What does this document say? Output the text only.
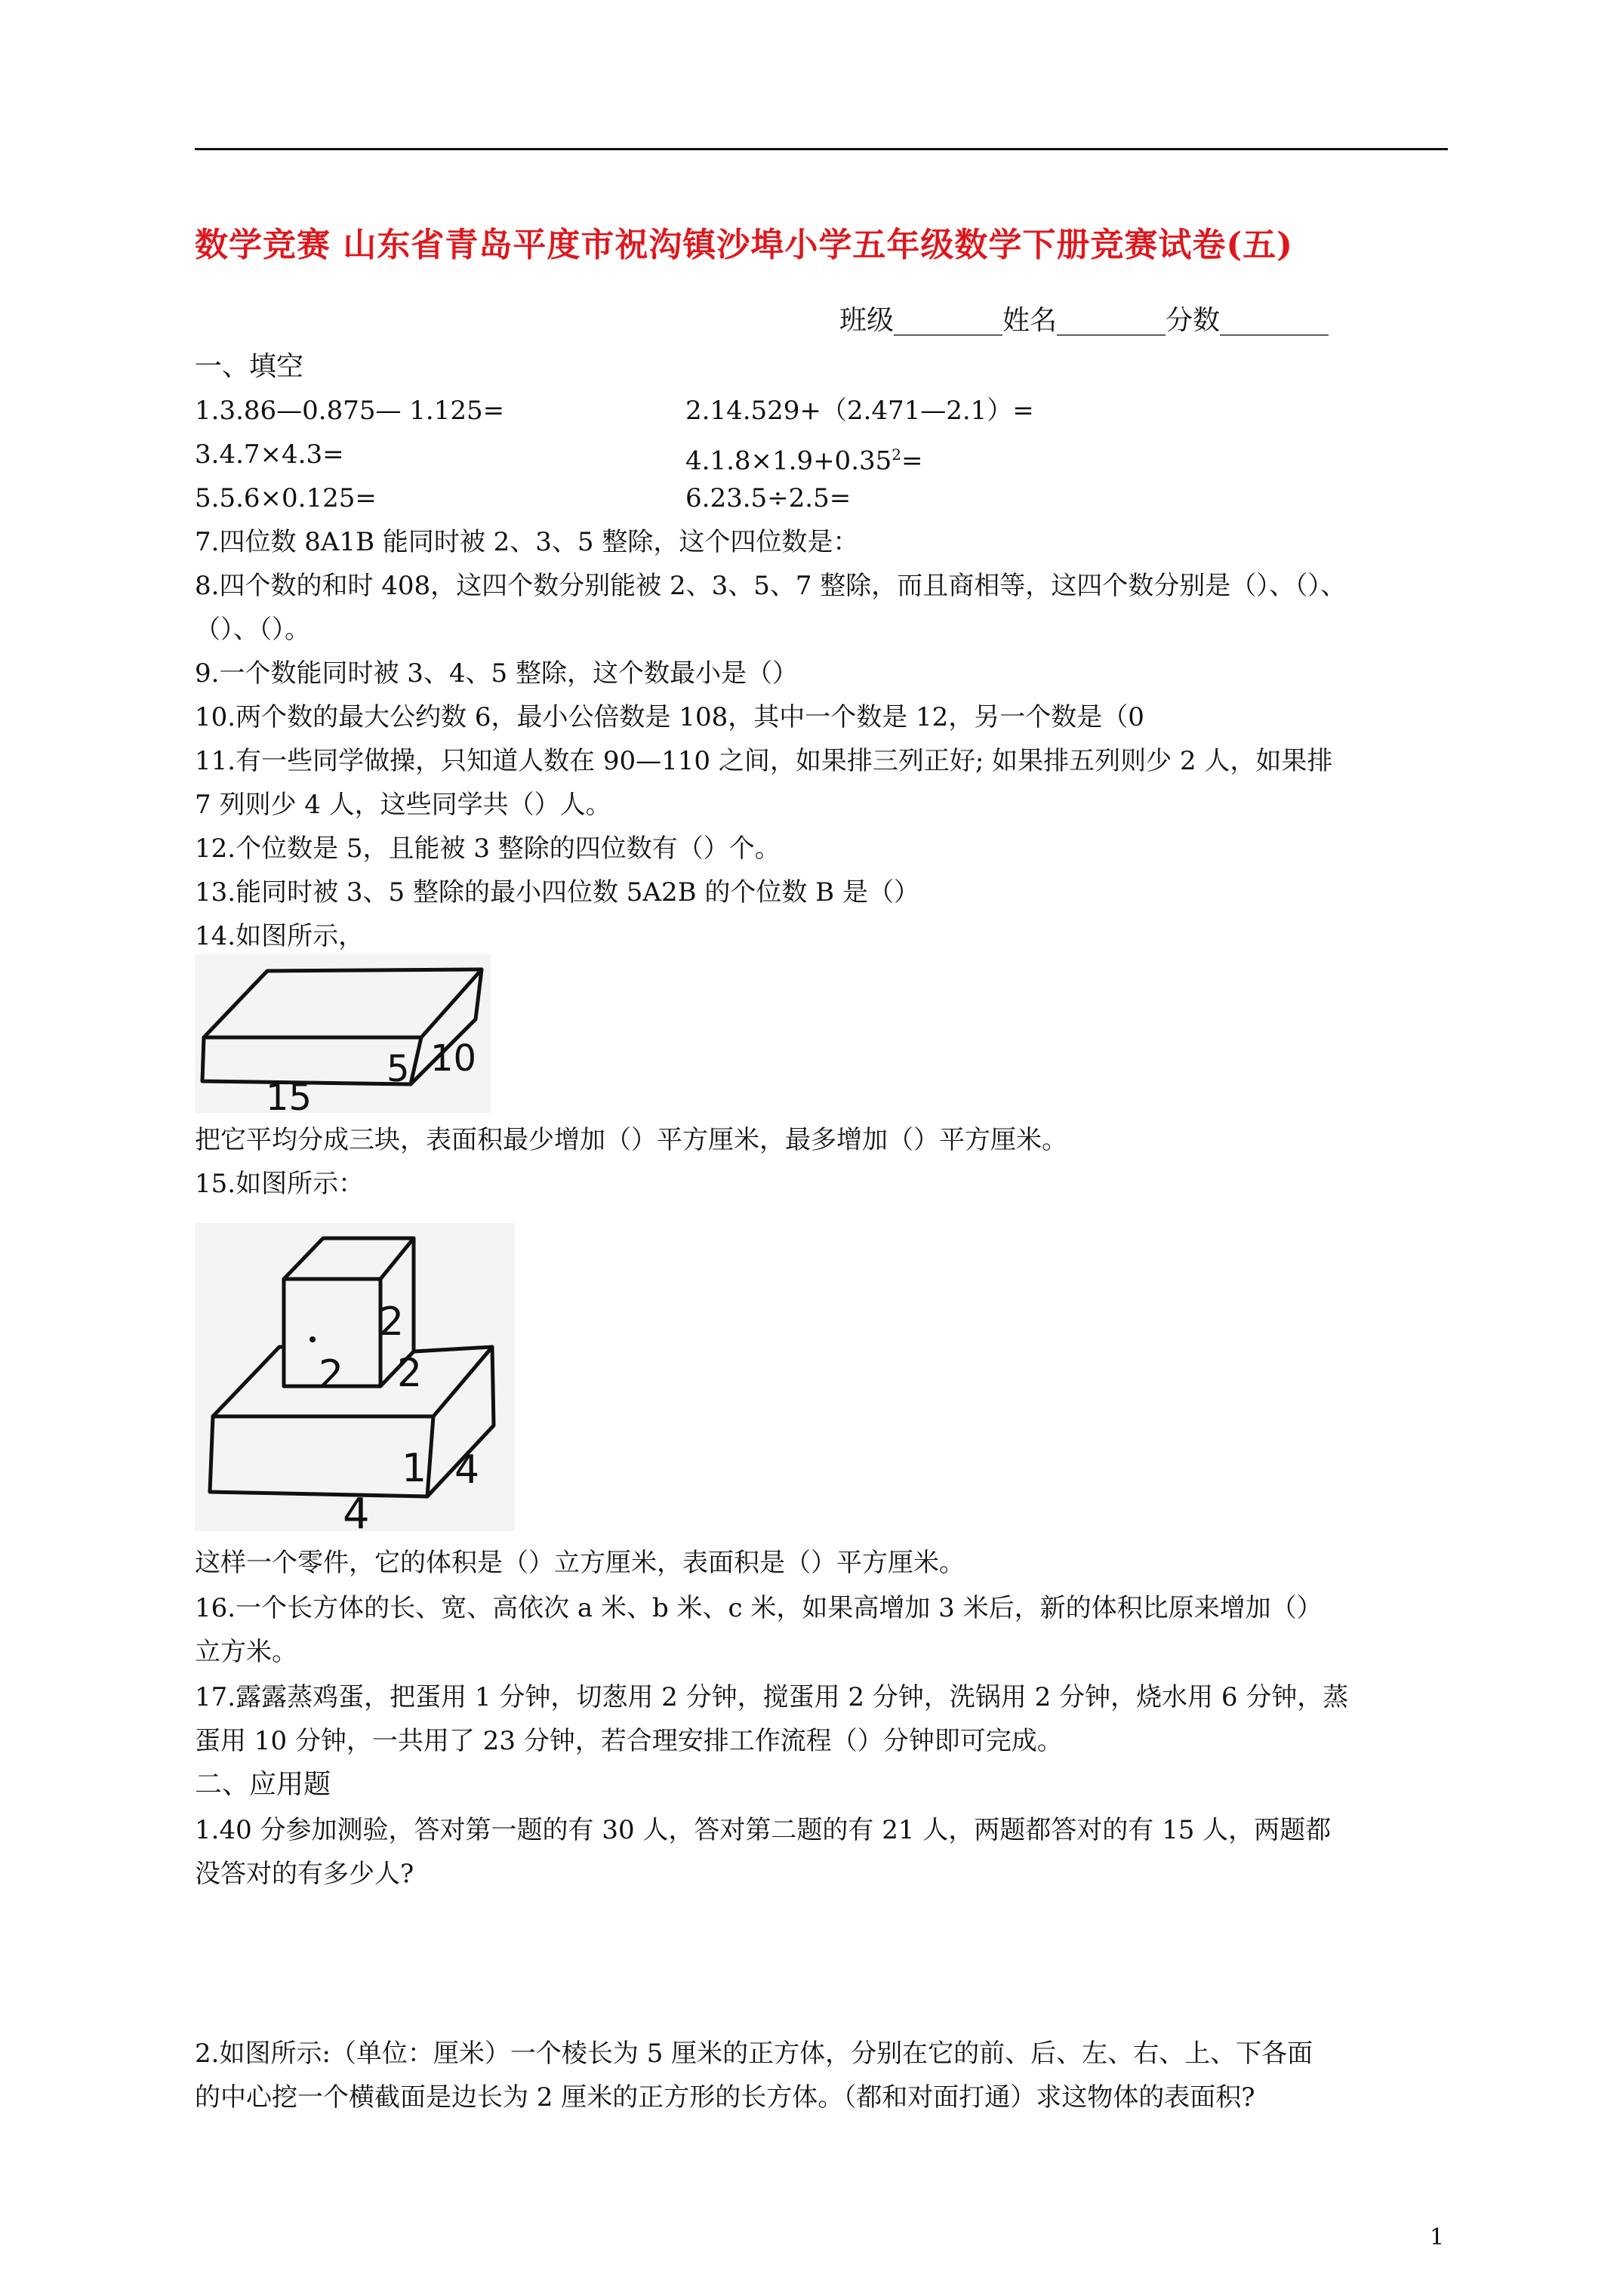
数学竞赛 山东省青岛平度市祝沟镇沙埠小学五年级数学下册竞赛试卷(五)
班级________姓名________分数________
一、填空
1.3.86—0.875— 1.125=	2.14.529+（2.471—2.1）=
3.4.7×4.3=	$4.1.8\times 1.9+0.35^2=$
5.5.6×0.125=	6.23.5÷2.5=
7.四位数 8A1B 能同时被 2、3、5 整除，这个四位数是：
8.四个数的和时 408，这四个数分别能被 2、3、5、7 整除，而且商相等，这四个数分别是（）、（）、
（）、（）。
9.一个数能同时被 3、4、5 整除，这个数最小是（）
10.两个数的最大公约数 6，最小公倍数是 108，其中一个数是 12，另一个数是（0
11.有一些同学做操，只知道人数在 90—110 之间，如果排三列正好; 如果排五列则少 2 人，如果排
7 列则少 4 人，这些同学共（）人。
12.个位数是 5，且能被 3 整除的四位数有（）个。
13.能同时被 3、5 整除的最小四位数 5A2B 的个位数 B 是（）
14.如图所示，
5 10
15
把它平均分成三块，表面积最少增加（）平方厘米，最多增加（）平方厘米。
15.如图所示：
2
2 2
1 4
4
这样一个零件，它的体积是（）立方厘米，表面积是（）平方厘米。
16.一个长方体的长、宽、高依次 a 米、b 米、c 米，如果高增加 3 米后，新的体积比原来增加（）
立方米。
17.露露蒸鸡蛋，把蛋用 1 分钟，切葱用 2 分钟，搅蛋用 2 分钟，洗锅用 2 分钟，烧水用 6 分钟，蒸
蛋用 10 分钟，一共用了 23 分钟，若合理安排工作流程（）分钟即可完成。
二、应用题
1.40 分参加测验，答对第一题的有 30 人，答对第二题的有 21 人，两题都答对的有 15 人，两题都
没答对的有多少人?
2.如图所示:（单位：厘米）一个棱长为 5 厘米的正方体，分别在它的前、后、左、右、上、下各面
的中心挖一个横截面是边长为 2 厘米的正方形的长方体。（都和对面打通）求这物体的表面积?
1
